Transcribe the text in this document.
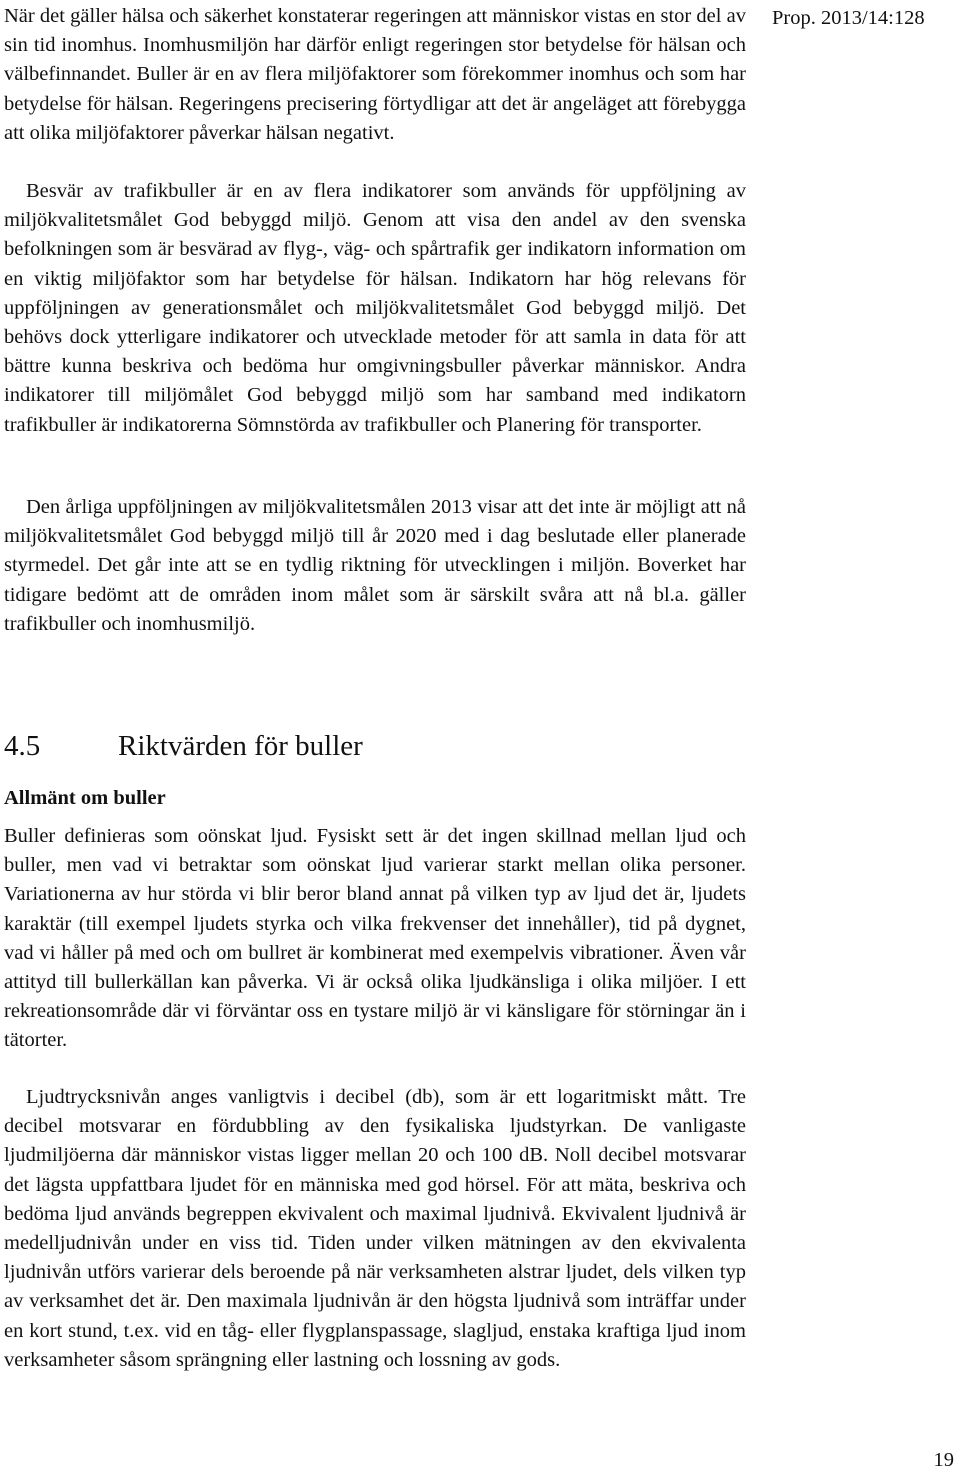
Prop. 2013/14:128

När det gäller hälsa och säkerhet konstaterar regeringen att människor vistas en stor del av sin tid inomhus. Inomhusmiljön har därför enligt regeringen stor betydelse för hälsan och välbefinnandet. Buller är en av flera miljöfaktorer som förekommer inomhus och som har betydelse för hälsan. Regeringens precisering förtydligar att det är angeläget att förebygga att olika miljöfaktorer påverkar hälsan negativt.

Besvär av trafikbuller är en av flera indikatorer som används för uppföljning av miljökvalitetsmålet God bebyggd miljö. Genom att visa den andel av den svenska befolkningen som är besvärad av flyg-, väg- och spårtrafik ger indikatorn information om en viktig miljöfaktor som har betydelse för hälsan. Indikatorn har hög relevans för uppföljningen av generationsmålet och miljökvalitetsmålet God bebyggd miljö. Det behövs dock ytterligare indikatorer och utvecklade metoder för att samla in data för att bättre kunna beskriva och bedöma hur omgivningsbuller påverkar människor. Andra indikatorer till miljömålet God bebyggd miljö som har samband med indikatorn trafikbuller är indikatorerna Sömnstörda av trafikbuller och Planering för transporter.

Den årliga uppföljningen av miljökvalitetsmålen 2013 visar att det inte är möjligt att nå miljökvalitetsmålet God bebyggd miljö till år 2020 med i dag beslutade eller planerade styrmedel. Det går inte att se en tydlig riktning för utvecklingen i miljön. Boverket har tidigare bedömt att de områden inom målet som är särskilt svåra att nå bl.a. gäller trafikbuller och inomhusmiljö.

4.5	Riktvärden för buller
Allmänt om buller

Buller definieras som oönskat ljud. Fysiskt sett är det ingen skillnad mellan ljud och buller, men vad vi betraktar som oönskat ljud varierar starkt mellan olika personer. Variationerna av hur störda vi blir beror bland annat på vilken typ av ljud det är, ljudets karaktär (till exempel ljudets styrka och vilka frekvenser det innehåller), tid på dygnet, vad vi håller på med och om bullret är kombinerat med exempelvis vibrationer. Även vår attityd till bullerkällan kan påverka. Vi är också olika ljudkänsliga i olika miljöer. I ett rekreationsområde där vi förväntar oss en tystare miljö är vi känsligare för störningar än i tätorter.

Ljudtrycksnivån anges vanligtvis i decibel (db), som är ett logaritmiskt mått. Tre decibel motsvarar en fördubbling av den fysikaliska ljudstyrkan. De vanligaste ljudmiljöerna där människor vistas ligger mellan 20 och 100 dB. Noll decibel motsvarar det lägsta uppfattbara ljudet för en människa med god hörsel. För att mäta, beskriva och bedöma ljud används begreppen ekvivalent och maximal ljudnivå. Ekvivalent ljudnivå är medelljudnivån under en viss tid. Tiden under vilken mätningen av den ekvivalenta ljudnivån utförs varierar dels beroende på när verksamheten alstrar ljudet, dels vilken typ av verksamhet det är. Den maximala ljudnivån är den högsta ljudnivå som inträffar under en kort stund, t.ex. vid en tåg- eller flygplanspassage, slagljud, enstaka kraftiga ljud inom verksamheter såsom sprängning eller lastning och lossning av gods.

19
